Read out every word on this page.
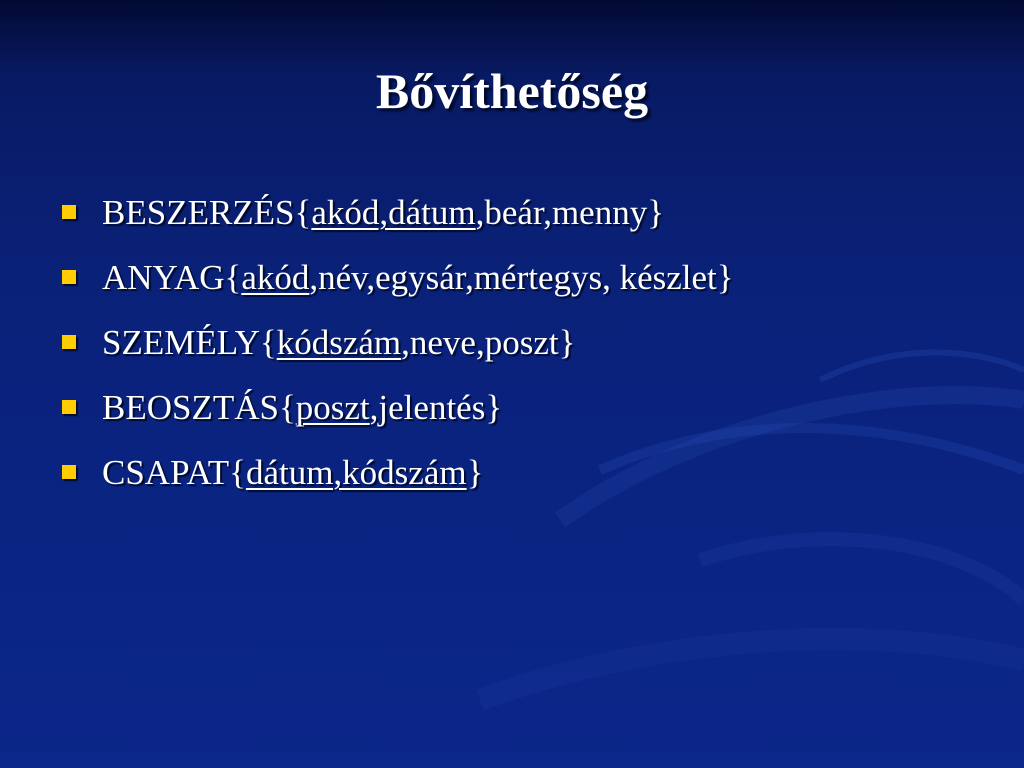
Bővíthetőség
BESZERZÉS{akód,dátum,beár,menny}
ANYAG{akód,név,egysár,mértegys, készlet}
SZEMÉLY{kódszám,neve,poszt}
BEOSZTÁS{poszt,jelentés}
CSAPAT{dátum,kódszám}
